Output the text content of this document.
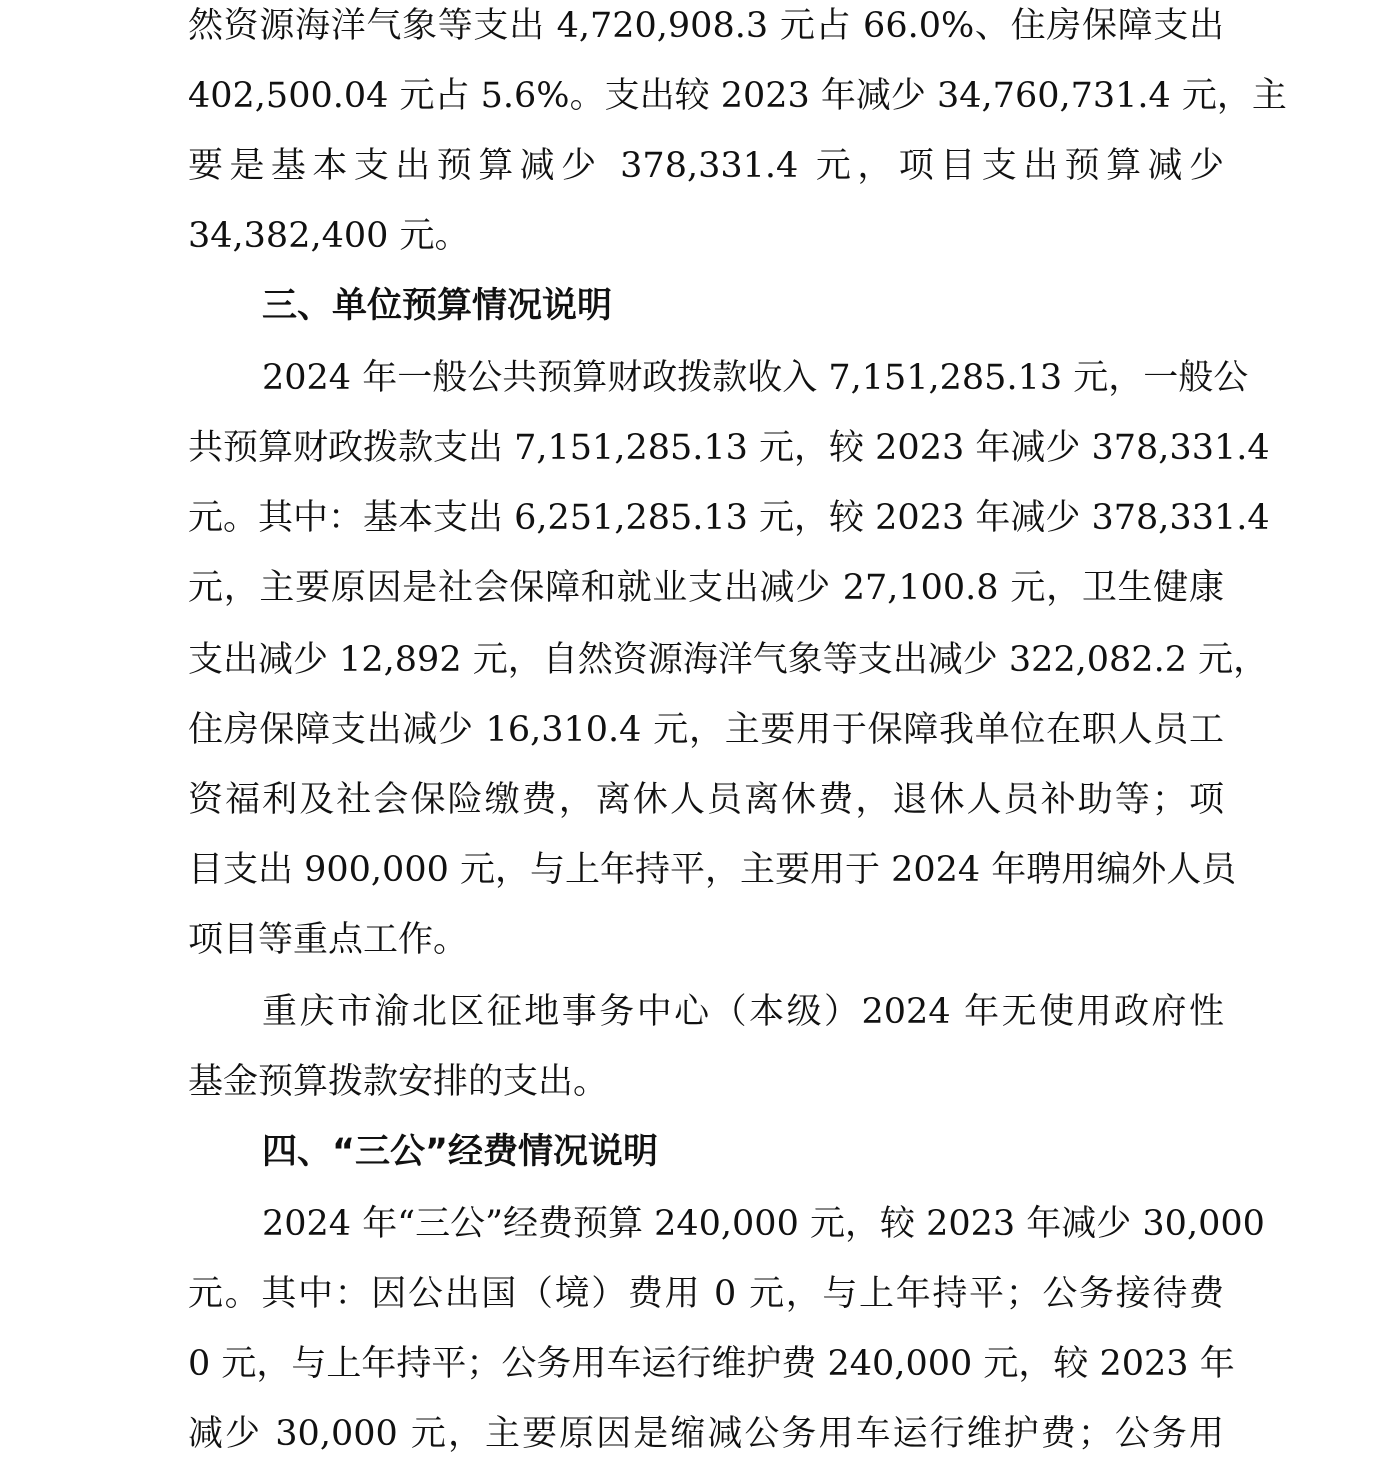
然资源海洋气象等支出 4,720,908.3 元占 66.0%、住房保障支出
402,500.04 元占 5.6%。支出较 2023 年减少 34,760,731.4 元，主
要是基本支出预算减少 378,331.4 元，项目支出预算减少
34,382,400 元。
三、单位预算情况说明
2024 年一般公共预算财政拨款收入 7,151,285.13 元，一般公
共预算财政拨款支出 7,151,285.13 元，较 2023 年减少 378,331.4
元。其中：基本支出 6,251,285.13 元，较 2023 年减少 378,331.4
元，主要原因是社会保障和就业支出减少 27,100.8 元，卫生健康
支出减少 12,892 元，自然资源海洋气象等支出减少 322,082.2 元，
住房保障支出减少 16,310.4 元，主要用于保障我单位在职人员工
资福利及社会保险缴费，离休人员离休费，退休人员补助等；项
目支出 900,000 元，与上年持平，主要用于 2024 年聘用编外人员
项目等重点工作。
重庆市渝北区征地事务中心（本级）2024 年无使用政府性
基金预算拨款安排的支出。
四、“三公”经费情况说明
2024 年“三公”经费预算 240,000 元，较 2023 年减少 30,000
元。其中：因公出国（境）费用 0 元，与上年持平；公务接待费
0 元，与上年持平；公务用车运行维护费 240,000 元，较 2023 年
减少 30,000 元，主要原因是缩减公务用车运行维护费；公务用
